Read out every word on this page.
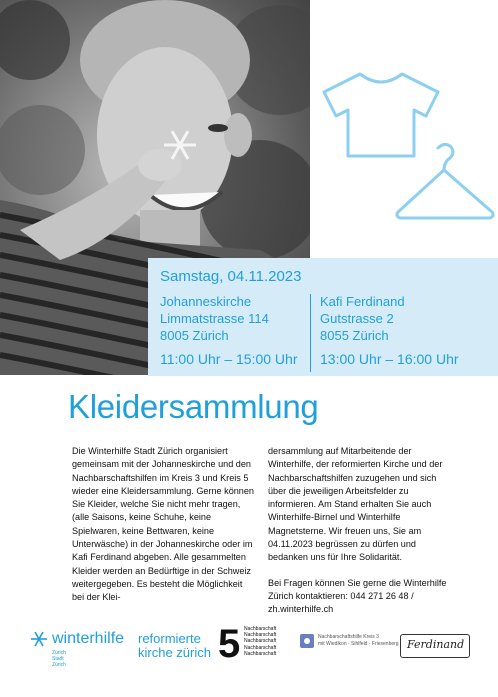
Samstag, 04.11.2023
Johanneskirche
Limmatstrasse 114
8005 Zürich
Kafi Ferdinand
Gutstrasse 2
8055 Zürich
11:00 Uhr – 15:00 Uhr 13:00 Uhr – 16:00 Uhr
Kleidersammlung

Die Winterhilfe Stadt Zürich organisiert gemeinsam mit der Johanneskirche und den Nachbarschaftshilfen im Kreis 3 und Kreis 5 wieder eine Kleidersammlung. Gerne können Sie Kleider, welche Sie nicht mehr tragen, (alle Saisons, keine Schuhe, keine Spielwaren, keine Bettwaren, keine Unterwäsche) in der Johanneskirche oder im Kafi Ferdinand abgeben. Alle gesammelten Kleider werden an Bedürftige in der Schweiz weitergegeben. Es besteht die Möglichkeit bei der Klei-

dersammlung auf Mitarbeitende der Winterhilfe, der reformierten Kirche und der Nachbarschaftshilfen zuzugehen und sich über die jeweiligen Arbeitsfelder zu informieren. Am Stand erhalten Sie auch Winterhilfe-Birnel und Winterhilfe Magnetsterne. Wir freuen uns, Sie am 04.11.2023 begrüssen zu dürfen und bedanken uns für Ihre Solidarität.

Bei Fragen können Sie gerne die Winterhilfe Zürich kontaktieren: 044 271 26 48 / zh.winterhilfe.ch

winterhilfe
Zürich
Stadt Zürich
reformierte
kirche zürich 5 Nachbarschaft
Nachbarschaft
Nachbarschaft
Nachbarschaft
Nachbarschaft
Nachbarschaftshilfe Kreis 3
mit Wiedikon · Sihlfeld · Friesenberg Ferdinand
